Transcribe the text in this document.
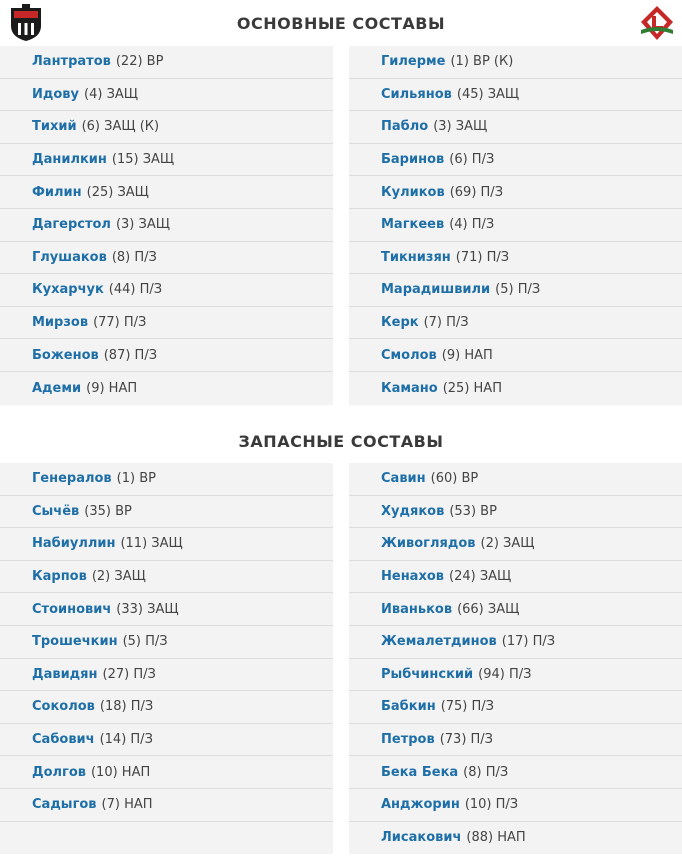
ОСНОВНЫЕ СОСТАВЫ
Лантратов (22) ВР
Идову (4) ЗАЩ
Тихий (6) ЗАЩ (К)
Данилкин (15) ЗАЩ
Филин (25) ЗАЩ
Дагерстол (3) ЗАЩ
Глушаков (8) П/З
Кухарчук (44) П/З
Мирзов (77) П/З
Боженов (87) П/З
Адеми (9) НАП
Гилерме (1) ВР (К)
Сильянов (45) ЗАЩ
Пабло (3) ЗАЩ
Баринов (6) П/З
Куликов (69) П/З
Магкеев (4) П/З
Тикнизян (71) П/З
Марадишвили (5) П/З
Керк (7) П/З
Смолов (9) НАП
Камано (25) НАП
ЗАПАСНЫЕ СОСТАВЫ
Генералов (1) ВР
Сычёв (35) ВР
Набиуллин (11) ЗАЩ
Карпов (2) ЗАЩ
Стоинович (33) ЗАЩ
Трошечкин (5) П/З
Давидян (27) П/З
Соколов (18) П/З
Сабович (14) П/З
Долгов (10) НАП
Садыгов (7) НАП
Савин (60) ВР
Худяков (53) ВР
Живоглядов (2) ЗАЩ
Ненахов (24) ЗАЩ
Иваньков (66) ЗАЩ
Жемалетдинов (17) П/З
Рыбчинский (94) П/З
Бабкин (75) П/З
Петров (73) П/З
Бека Бека (8) П/З
Анджорин (10) П/З
Лисакович (88) НАП
